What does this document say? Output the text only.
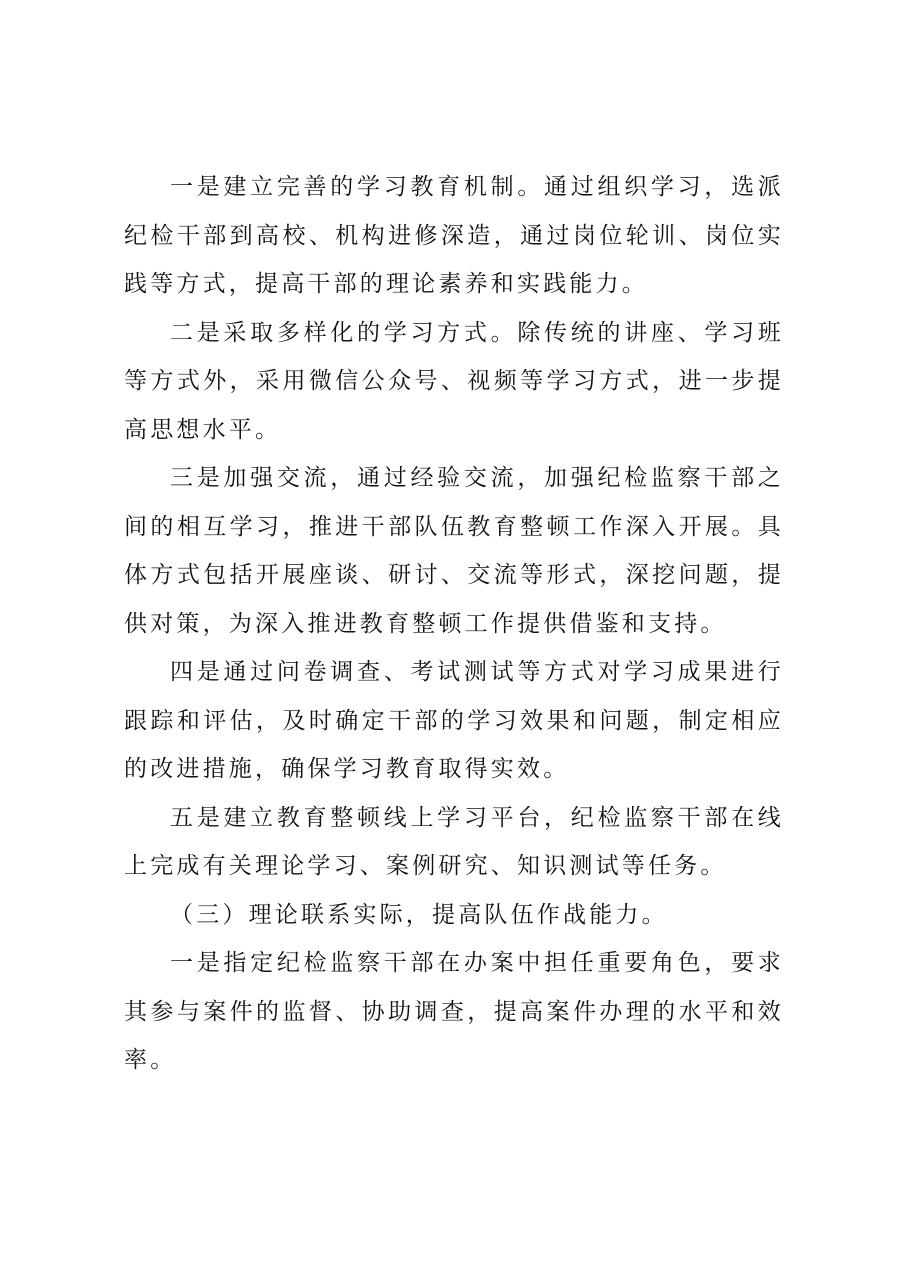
一是建立完善的学习教育机制。通过组织学习，选派纪检干部到高校、机构进修深造，通过岗位轮训、岗位实践等方式，提高干部的理论素养和实践能力。

二是采取多样化的学习方式。除传统的讲座、学习班等方式外，采用微信公众号、视频等学习方式，进一步提高思想水平。

三是加强交流，通过经验交流，加强纪检监察干部之间的相互学习，推进干部队伍教育整顿工作深入开展。具体方式包括开展座谈、研讨、交流等形式，深挖问题，提供对策，为深入推进教育整顿工作提供借鉴和支持。

四是通过问卷调查、考试测试等方式对学习成果进行跟踪和评估，及时确定干部的学习效果和问题，制定相应的改进措施，确保学习教育取得实效。

五是建立教育整顿线上学习平台，纪检监察干部在线上完成有关理论学习、案例研究、知识测试等任务。

（三）理论联系实际，提高队伍作战能力。

一是指定纪检监察干部在办案中担任重要角色，要求其参与案件的监督、协助调查，提高案件办理的水平和效率。
